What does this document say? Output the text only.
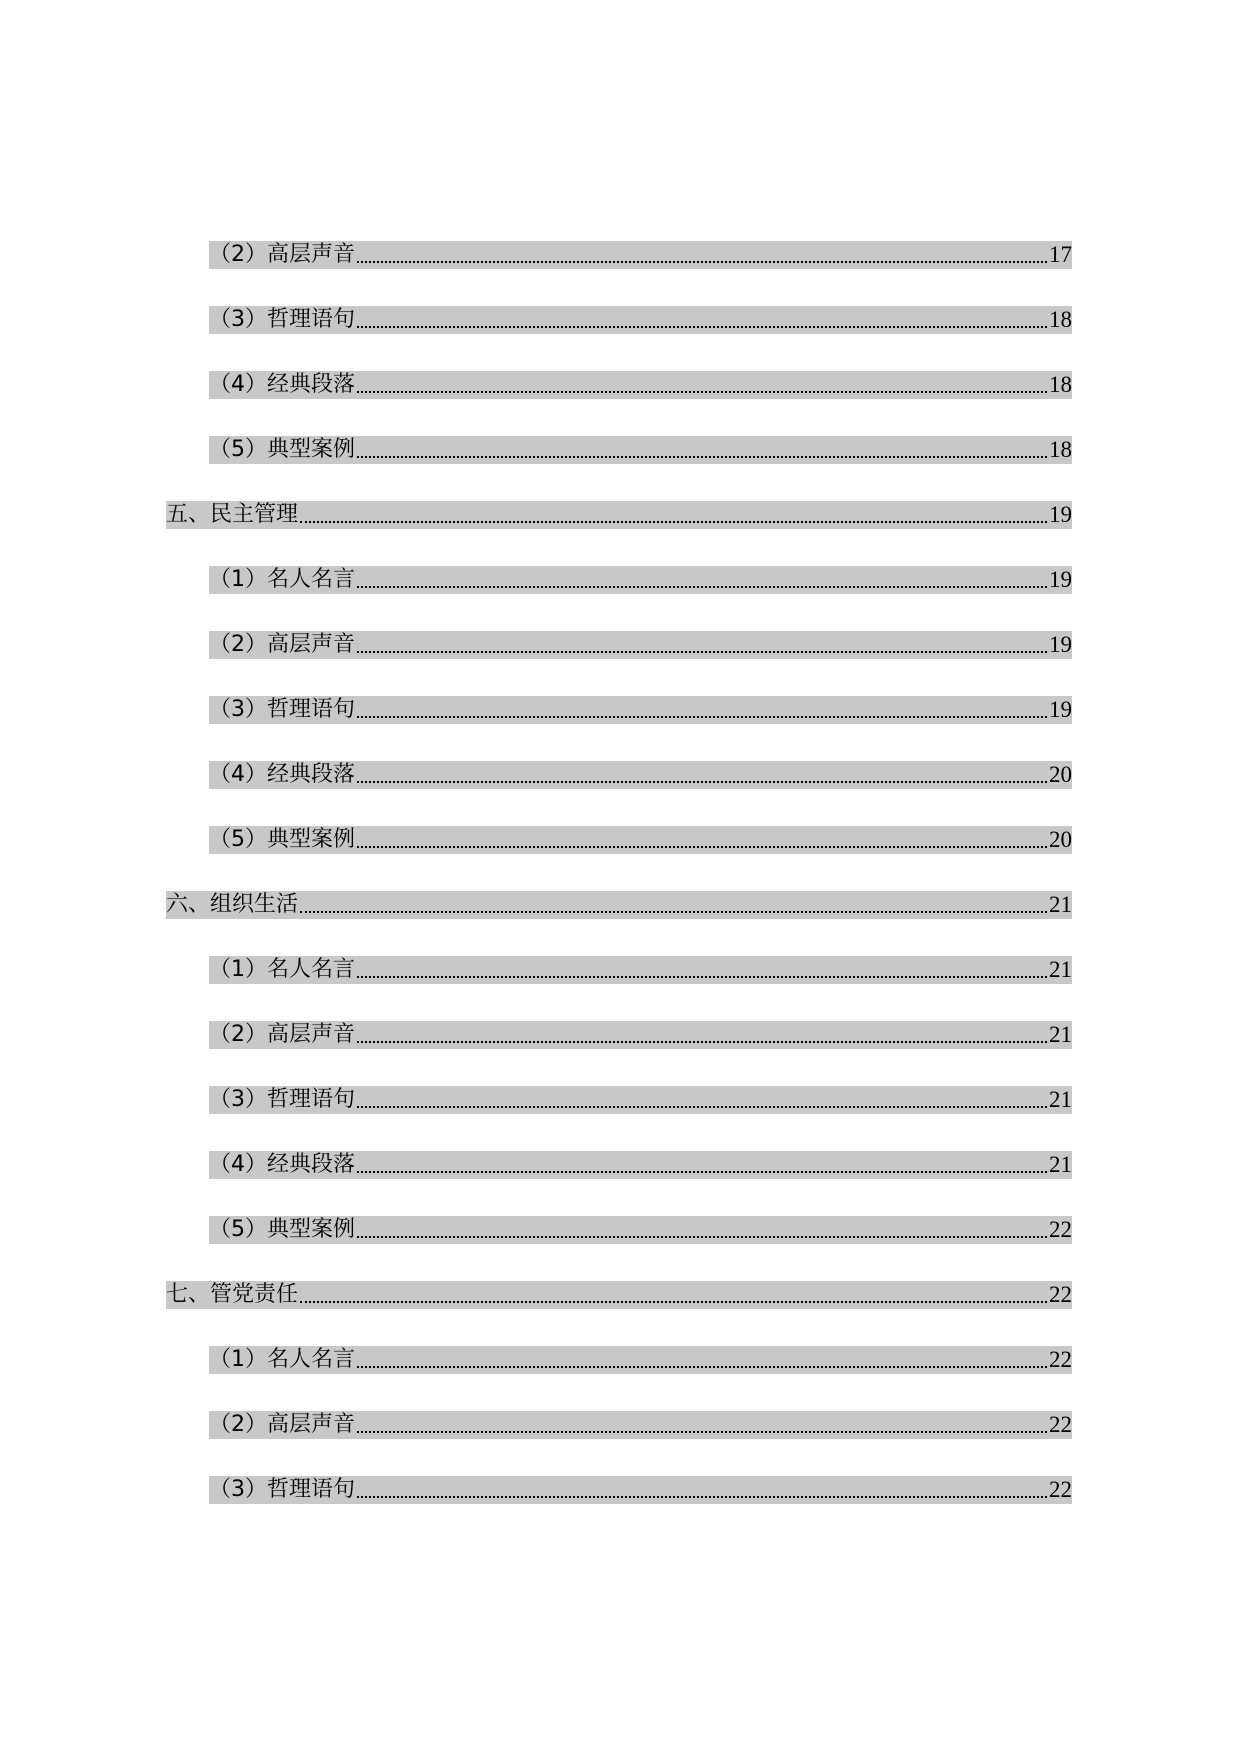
（2）高层声音	17
（3）哲理语句	18
（4）经典段落	18
（5）典型案例	18
五、民主管理	19
（1）名人名言	19
（2）高层声音	19
（3）哲理语句	19
（4）经典段落	20
（5）典型案例	20
六、组织生活	21
（1）名人名言	21
（2）高层声音	21
（3）哲理语句	21
（4）经典段落	21
（5）典型案例	22
七、管党责任	22
（1）名人名言	22
（2）高层声音	22
（3）哲理语句	22
